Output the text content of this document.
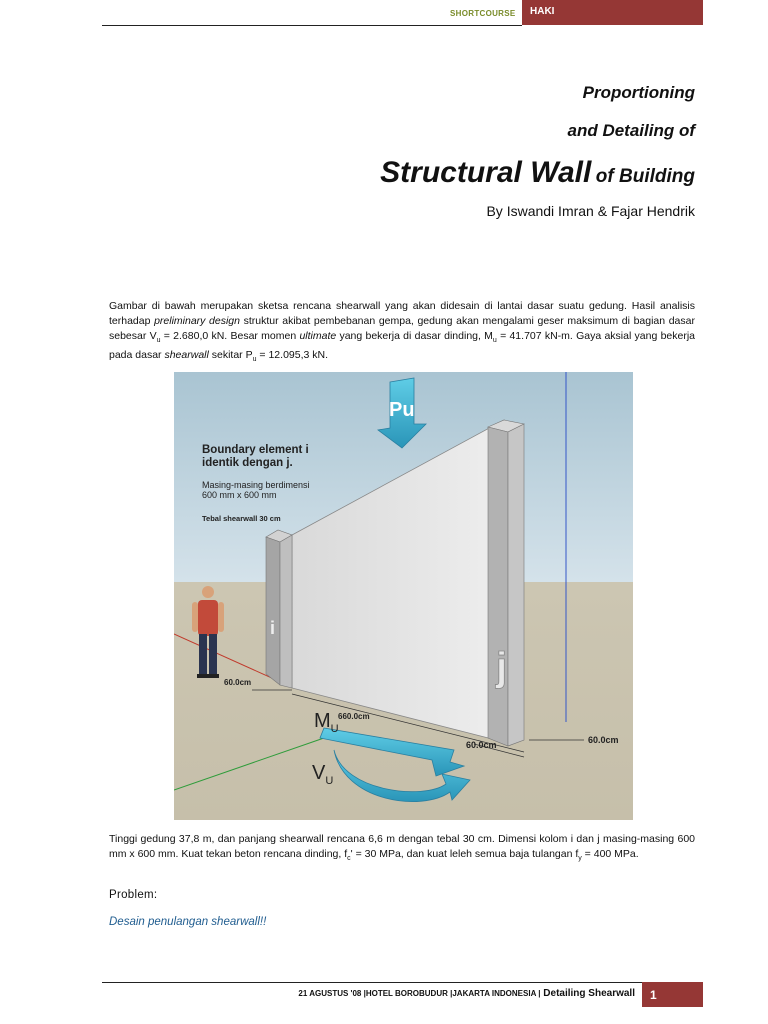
SHORTCOURSE HAKI
Proportioning
and Detailing of
Structural Wall of Building
By Iswandi Imran & Fajar Hendrik
Gambar di bawah merupakan sketsa rencana shearwall yang akan didesain di lantai dasar suatu gedung. Hasil analisis terhadap preliminary design struktur akibat pembebanan gempa, gedung akan mengalami geser maksimum di bagian dasar sebesar $V_u = 2.680,0$ kN. Besar momen ultimate yang bekerja di dasar dinding, $M_u = 41.707$ kN-m. Gaya aksial yang bekerja pada dasar shearwall sekitar $P_u = 12.095,3$ kN.
i
j
Pu
Boundary element i
identik dengan j.
Masing-masing berdimensi
600 mm x 600 mm
Tebal shearwall 30 cm
60.0cm
660.0cm
60.0cm	60.0cm
$M_U$
$V_U$
Tinggi gedung 37,8 m, dan panjang shearwall rencana 6,6 m dengan tebal 30 cm. Dimensi kolom i dan j masing-masing 600 mm x 600 mm. Kuat tekan beton rencana dinding, $f_c' = 30$ MPa, dan kuat leleh semua baja tulangan $f_y = 400$ MPa.
Problem:
Desain penulangan shearwall!!
21 AGUSTUS '08 |HOTEL BOROBUDUR |JAKARTA INDONESIA | Detailing Shearwall 1
